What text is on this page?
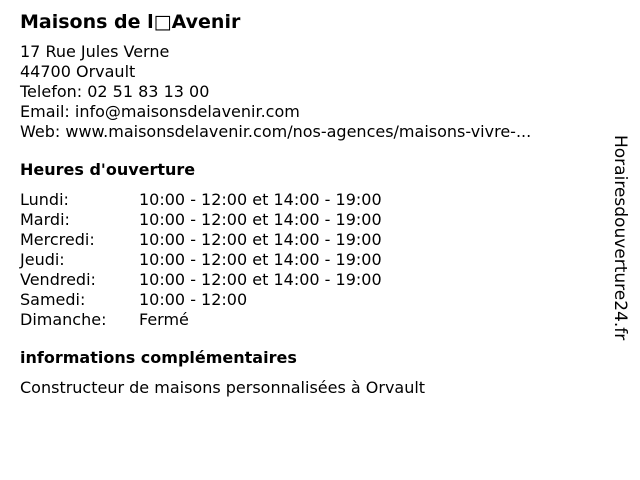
Maisons de l□Avenir
17 Rue Jules Verne
44700 Orvault
Telefon: 02 51 83 13 00
Email: info@maisonsdelavenir.com
Web: www.maisonsdelavenir.com/nos-agences/maisons-vivre-...
Heures d'ouverture
Lundi:	10:00 - 12:00 et 14:00 - 19:00
Mardi:	10:00 - 12:00 et 14:00 - 19:00
Mercredi:	10:00 - 12:00 et 14:00 - 19:00
Jeudi:	10:00 - 12:00 et 14:00 - 19:00
Vendredi:	10:00 - 12:00 et 14:00 - 19:00
Samedi:	10:00 - 12:00
Dimanche:	Fermé
informations complémentaires
Constructeur de maisons personnalisées à Orvault
Horairesdouverture24.fr
